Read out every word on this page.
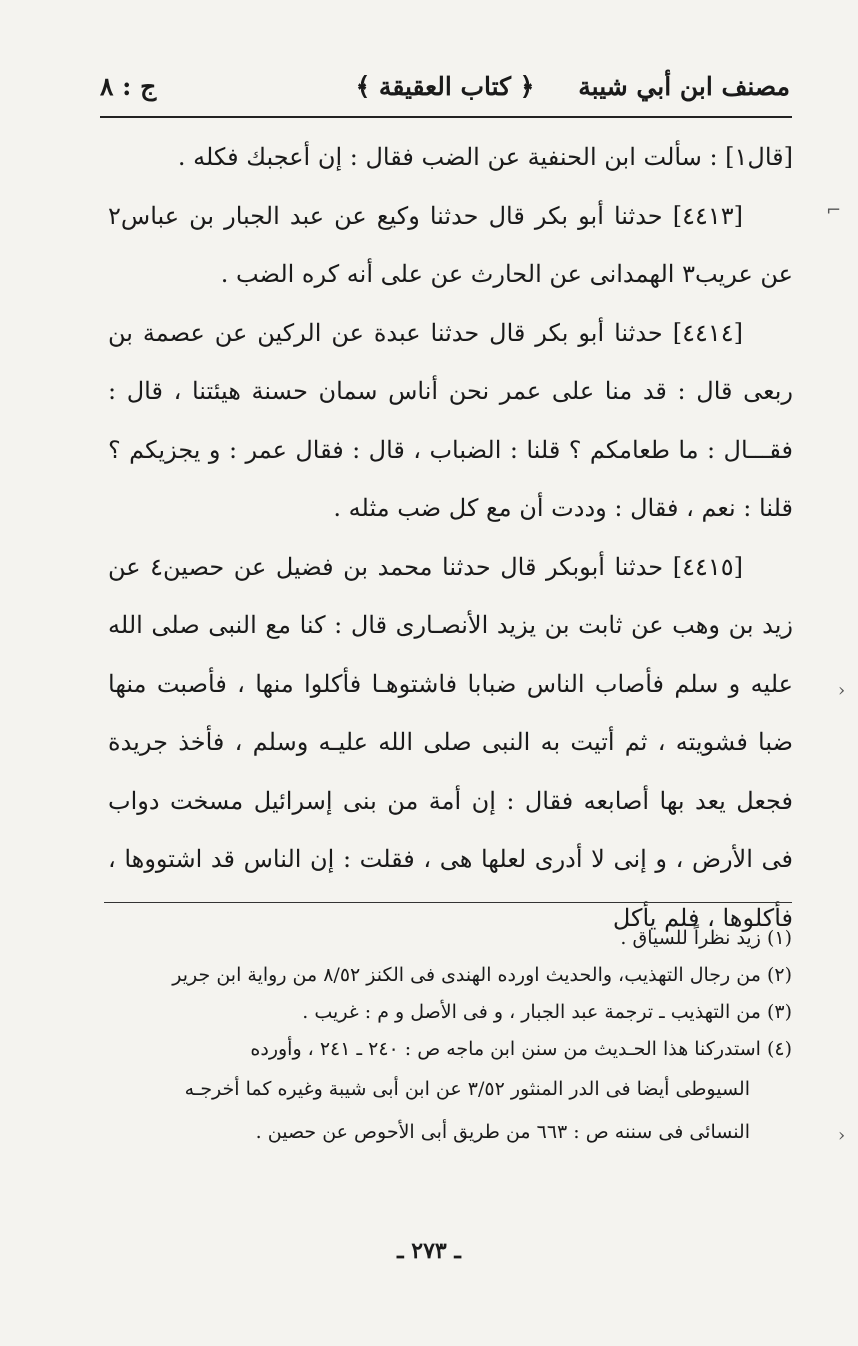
مصنف ابن أبي شيبة
﴿ كتاب العقيقة ﴾
ج : ٨

[قال١] : سألت ابن الحنفية عن الضب فقال : إن أعجبك فكله .

[٤٤١٣] حدثنا أبو بكر قال حدثنا وكيع عن عبد الجبار بن عباس٢ عن عريب٣ الهمدانى عن الحارث عن على أنه كره الضب .

[٤٤١٤] حدثنا أبو بكر قال حدثنا عبدة عن الركين عن عصمة بن ربعى قال : قد منا على عمر نحن أناس سمان حسنة هيئتنا ، قال : فقـــال : ما طعامكم ؟ قلنا : الضباب ، قال : فقال عمر : و يجزيكم ؟ قلنا : نعم ، فقال : وددت أن مع كل ضب مثله .

[٤٤١٥] حدثنا أبوبكر قال حدثنا محمد بن فضيل عن حصين٤ عن زيد بن وهب عن ثابت بن يزيد الأنصـارى قال : كنا مع النبى صلى الله عليه و سلم فأصاب الناس ضبابا فاشتوهـا فأكلوا منها ، فأصبت منها ضبا فشويته ، ثم أتيت به النبى صلى الله عليـه وسلم ، فأخذ جريدة فجعل يعد بها أصابعه فقال : إن أمة من بنى إسرائيل مسخت دواب فى الأرض ، و إنى لا أدرى لعلها هى ، فقلت : إن الناس قد اشتووها ، فأكلوها ، فلم يأكل

(١) زيد نظراً للسياق .

(٢) من رجال التهذيب، والحديث اورده الهندى فى الكنز ٨/٥٢ من رواية ابن جرير

(٣) من التهذيب ـ ترجمة عبد الجبار ، و فى الأصل و م : غريب .

(٤) استدركنا هذا الحـديث من سنن ابن ماجه ص : ٢٤٠ ـ ٢٤١ ، وأورده

السيوطى أيضا فى الدر المنثور ٣/٥٢ عن ابن أبى شيبة وغيره كما أخرجـه

النسائى فى سننه ص : ٦٦٣ من طريق أبى الأحوص عن حصين .

ـ ٢٧٣ ـ
⌐
›
›
